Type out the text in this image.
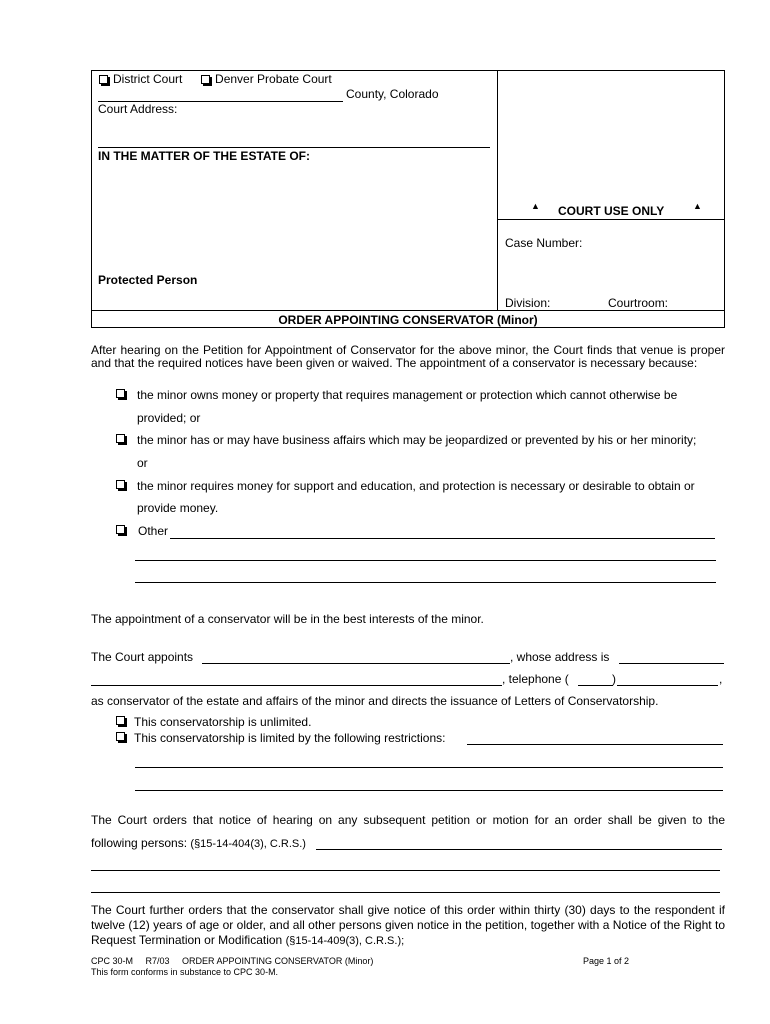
District Court	Denver Probate Court
County, Colorado
Court Address:
IN THE MATTER OF THE ESTATE OF:
Protected Person
▲ COURT USE ONLY	▲
Case Number:
Division:	Courtroom:
ORDER APPOINTING CONSERVATOR (Minor)
After hearing on the Petition for Appointment of Conservator for the above minor, the Court finds that venue is proper and that the required notices have been given or waived. The appointment of a conservator is necessary because:
the minor owns money or property that requires management or protection which cannot otherwise be
provided; or
the minor has or may have business affairs which may be jeopardized or prevented by his or her minority;
or
the minor requires money for support and education, and protection is necessary or desirable to obtain or
provide money.
Other
The appointment of a conservator will be in the best interests of the minor.
The Court appoints	, whose address is
, telephone (	)	,
as conservator of the estate and affairs of the minor and directs the issuance of Letters of Conservatorship.
This conservatorship is unlimited.
This conservatorship is limited by the following restrictions:
The Court orders that notice of hearing on any subsequent petition or motion for an order shall be given to the
following persons: (§15-14-404(3), C.R.S.)
The Court further orders that the conservator shall give notice of this order within thirty (30) days to the respondent if twelve (12) years of age or older, and all other persons given notice in the petition, together with a Notice of the Right to Request Termination or Modification (§15-14-409(3), C.R.S.);
CPC 30-M     R7/03     ORDER APPOINTING CONSERVATOR (Minor)	Page 1 of 2
This form conforms in substance to CPC 30-M.
